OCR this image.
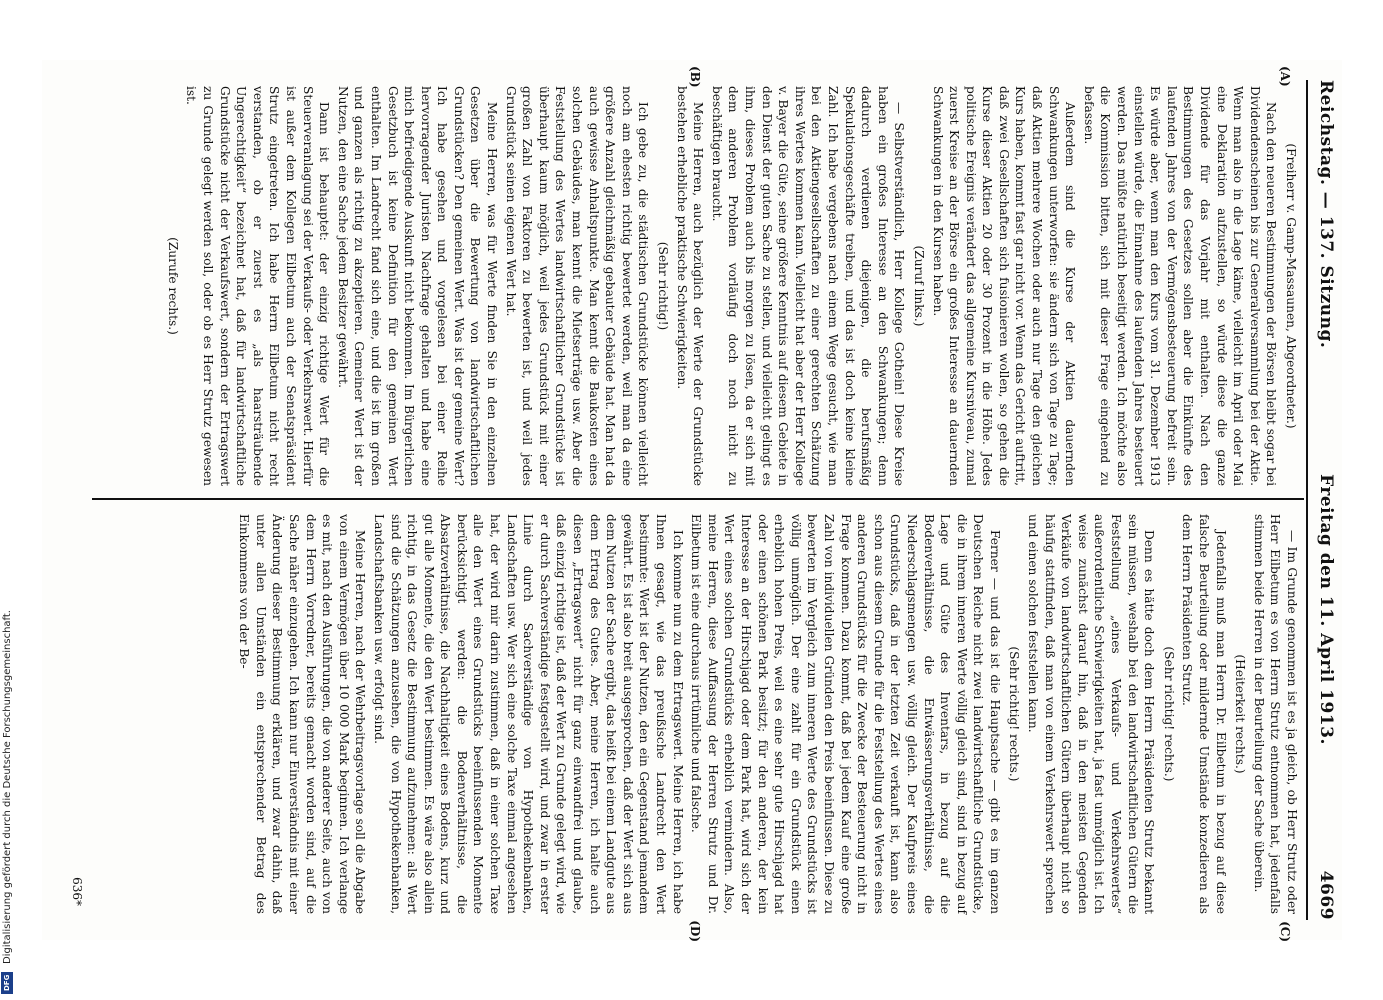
Reichstag. — 137. Sitzung.
Freitag den 11. April 1913.
4669
(A)
(B)
(C)
(D)

(Freiherr v. Gamp-Massaunen, Abgeordneter.)

Nach den neueren Bestimmungen der Börsen bleibt sogar bei Dividendenscheinen bis zur Generalversammlung bei der Aktie. Wenn man also in die Lage käme, vielleicht im April oder Mai eine Deklaration aufzustellen, so würde diese die ganze Dividende für das Vorjahr mit enthalten. Nach den Bestimmungen des Gesetzes sollen aber die Einkünfte des laufenden Jahres von der Vermögensbesteuerung befreit sein. Es würde aber, wenn man den Kurs vom 31. Dezember 1913 einstellen würde, die Einnahme des laufenden Jahres besteuert werden. Das müßte natürlich beseitigt werden. Ich möchte also die Kommission bitten, sich mit dieser Frage eingehend zu befassen.

Außerdem sind die Kurse der Aktien dauernden Schwankungen unterworfen: sie ändern sich von Tage zu Tage; daß Aktien mehrere Wochen oder auch nur Tage den gleichen Kurs haben, kommt fast gar nicht vor. Wenn das Gericht auftritt, daß zwei Gesellschaften sich fusionieren wollen, so gehen die Kurse dieser Aktien 20 oder 30 Prozent in die Höhe. Jedes politische Ereignis verändert das allgemeine Kursniveau, zumal zuerst Kreise an der Börse ein großes Interesse an dauernden Schwankungen in den Kursen haben.

(Zuruf links.)

— Selbstverständlich, Herr Kollege Gothein! Diese Kreise haben ein großes Interesse an den Schwankungen; denn dadurch verdienen diejenigen, die berufsmäßig Spekulationsgeschäfte treiben, und das ist doch keine kleine Zahl. Ich habe vergebens nach einem Wege gesucht, wie man bei den Aktiengesellschaften zu einer gerechten Schätzung ihres Wertes kommen kann. Vielleicht hat aber der Herr Kollege v. Bayer die Güte, seine größere Kenntnis auf diesem Gebiete in den Dienst der guten Sache zu stellen, und vielleicht gelingt es ihm, dieses Problem auch bis morgen zu lösen, da er sich mit dem anderen Problem vorläufig doch noch nicht zu beschäftigen braucht.

Meine Herren, auch bezüglich der Werte der Grundstücke bestehen erhebliche praktische Schwierigkeiten.

(Sehr richtig!)

Ich gebe zu, die städtischen Grundstücke können vielleicht noch am ehesten richtig bewertet werden, weil man da eine größere Anzahl gleichmäßig gebauter Gebäude hat. Man hat da auch gewisse Anhaltspunkte. Man kennt die Baukosten eines solchen Gebäudes, man kennt die Mietserträge usw. Aber die Feststellung des Wertes landwirtschaftlicher Grundstücke ist überhaupt kaum möglich, weil jedes Grundstück mit einer großen Zahl von Faktoren zu bewerten ist, und weil jedes Grundstück seinen eigenen Wert hat.

Meine Herren, was für Werte finden Sie in den einzelnen Gesetzen über die Bewertung von landwirtschaftlichen Grundstücken? Den gemeinen Wert. Was ist der gemeine Wert? Ich habe gesehen und vorgelesen bei einer Reihe hervorragender Juristen Nachfrage gehalten und habe eine mich befriedigende Auskunft nicht bekommen. Im Bürgerlichen Gesetzbuch ist keine Definition für den gemeinen Wert enthalten. Im Landrecht fand sich eine, und die ist im großen und ganzen als richtig zu akzeptieren. Gemeiner Wert ist der Nutzen, den eine Sache jedem Besitzer gewährt.

Dann ist behauptet: der einzig richtige Wert für die Steuerveranlagung sei der Verkaufs- oder Verkehrswert. Hierfür ist außer dem Kollegen Eilbetum auch der Senatspräsident Strutz eingetreten. Ich habe Herrn Eilbetum nicht recht verstanden, ob er zuerst es „als haarsträubende Ungerechtigkeit“ bezeichnet hat, daß für landwirtschaftliche Grundstücke nicht der Verkaufswert, sondern der Ertragswert zu Grunde gelegt werden soll, oder ob es Herr Strutz gewesen ist.

(Zurufe rechts.)

— Im Grunde genommen ist es ja gleich, ob Herr Strutz oder Herr Eilbetum es von Herrn Strutz entnommen hat, jedenfalls stimmen beide Herren in der Beurteilung der Sache überein.

(Heiterkeit rechts.)

Jedenfalls muß man Herrn Dr. Eilbetum in bezug auf diese falsche Beurteilung oder mildernde Umstände konzedieren als dem Herrn Präsidenten Strutz.

(Sehr richtig! rechts.)

Denn es hätte doch dem Herrn Präsidenten Strutz bekannt sein müssen, weshalb bei den landwirtschaftlichen Gütern die Feststellung „eines Verkaufs- und Verkehrswertes“ außerordentliche Schwierigkeiten hat, ja fast unmöglich ist. Ich weise zunächst darauf hin, daß in den meisten Gegenden Verkäufe von landwirtschaftlichen Gütern überhaupt nicht so häufig stattfinden, daß man von einem Verkehrswert sprechen und einen solchen feststellen kann.

(Sehr richtig! rechts.)

Ferner — und das ist die Hauptsache — gibt es im ganzen Deutschen Reiche nicht zwei landwirtschaftliche Grundstücke, die in ihrem inneren Werte völlig gleich sind, sind in bezug auf Lage und Güte des Inventars, in bezug auf die Bodenverhältnisse, die Entwässerungsverhältnisse, die Niederschlagsmengen usw. völlig gleich. Der Kaufpreis eines Grundstücks, daß in der letzten Zeit verkauft ist, kann also schon aus diesem Grunde für die Feststellung des Wertes eines anderen Grundstücks für die Zwecke der Besteuerung nicht in Frage kommen. Dazu kommt, daß bei jedem Kauf eine große Zahl von individuellen Gründen den Preis beeinflussen. Diese zu bewerten im Vergleich zum inneren Werte des Grundstücks ist völlig unmöglich. Der eine zahlt für ein Grundstück einen erheblich hohen Preis, weil es eine sehr gute Hirschjagd hat oder einen schönen Park besitzt; für den anderen, der kein Interesse an der Hirschjagd oder dem Park hat, wird sich der Wert eines solchen Grundstücks erheblich vermindern. Also, meine Herren, diese Auffassung der Herren Strutz und Dr. Eilbetum ist eine durchaus irrtümliche und falsche.

Ich komme nun zu dem Ertragswert. Meine Herren, ich habe Ihnen gesagt, wie das preußische Landrecht den Wert bestimmte: Wert ist der Nutzen, den ein Gegenstand jemandem gewährt. Es ist also breit ausgesprochen, daß der Wert sich aus dem Nutzen der Sache ergibt, das heißt bei einem Landgute aus dem Ertrag des Gutes. Aber, meine Herren, ich halte auch diesen „Ertragswert“ nicht für ganz einwandfrei und glaube, daß einzig richtige ist, daß der Wert zu Grunde gelegt wird, wie er durch Sachverständige festgestellt wird, und zwar in erster Linie durch Sachverständige von Hypothekenbanken, Landschaften usw. Wer sich eine solche Taxe einmal angesehen hat, der wird mir darin zustimmen, daß in einer solchen Taxe alle den Wert eines Grundstücks beeinflussenden Momente berücksichtigt werden: die Bodenverhältnisse, die Absatzverhältnisse, die Nachhaltigkeit eines Bodens, kurz und gut alle Momente, die den Wert bestimmen. Es wäre also allein richtig, in das Gesetz die Bestimmung aufzunehmen: als Wert sind die Schätzungen anzusehen, die von Hypothekenbanken, Landschaftsbanken usw. erfolgt sind.

Meine Herren, nach der Wehrbeitragsvorlage soll die Abgabe von einem Vermögen über 10 000 Mark beginnen. Ich verlange es mit, nach den Ausführungen, die von anderer Seite, auch von dem Herrn Vorredner, bereits gemacht worden sind, auf die Sache näher einzugehen. Ich kann nur Einverständnis mit einer Änderung dieser Bestimmung erklären, und zwar dahin, daß unter allen Umständen ein entsprechender Betrag des Einkommens von der Be-

636*
Digitalisierung gefördert durch die Deutsche Forschungsgemeinschaft.
DFG
